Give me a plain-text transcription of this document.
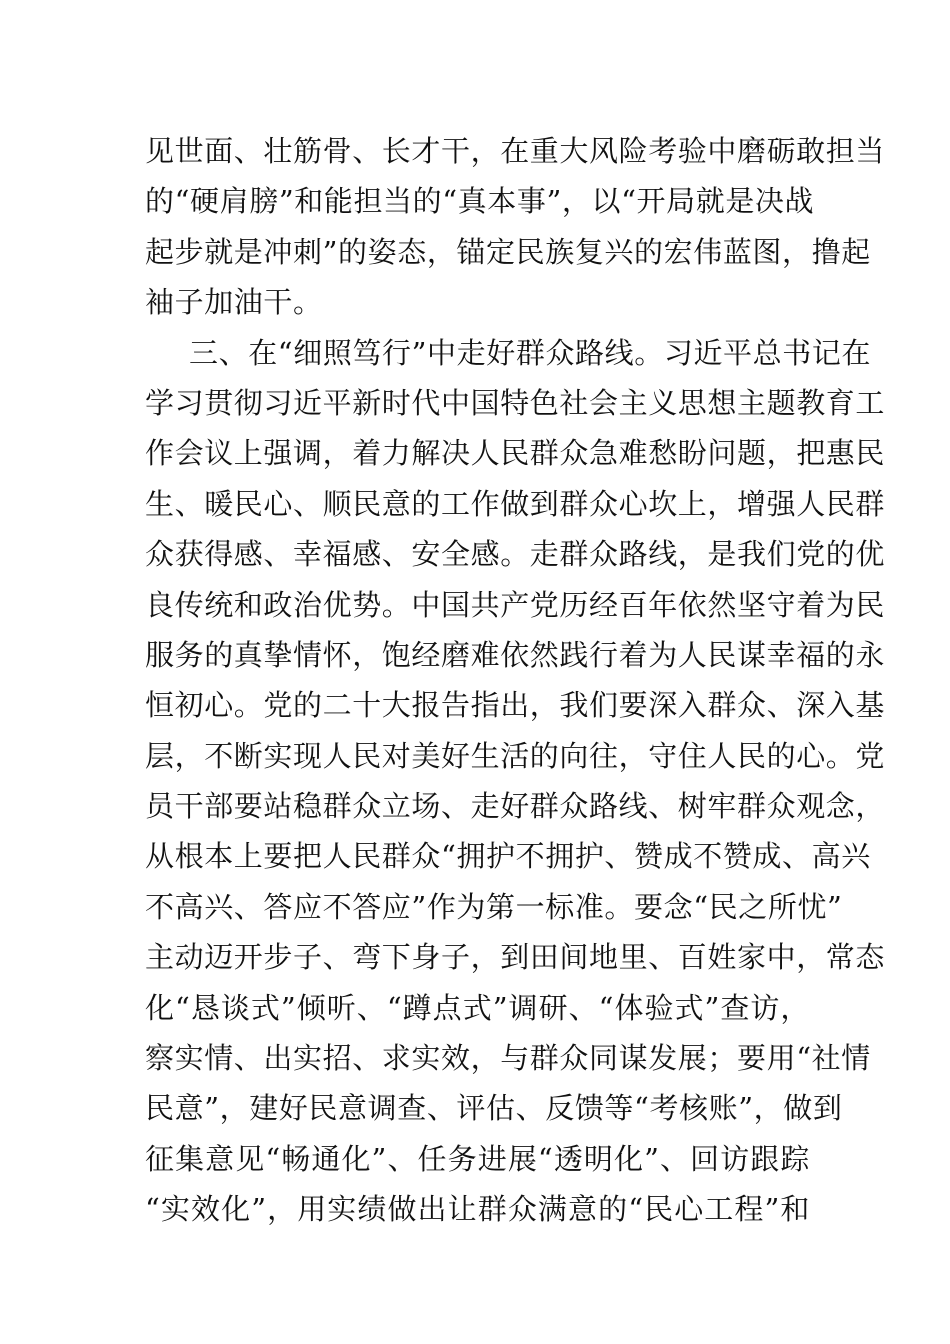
见世面、壮筋骨、长才干，在重大风险考验中磨砺敢担当
的“硬肩膀”和能担当的“真本事”，以“开局就是决战
起步就是冲刺”的姿态，锚定民族复兴的宏伟蓝图，撸起
袖子加油干。
三、在“细照笃行”中走好群众路线。习近平总书记在
学习贯彻习近平新时代中国特色社会主义思想主题教育工
作会议上强调，着力解决人民群众急难愁盼问题，把惠民
生、暖民心、顺民意的工作做到群众心坎上，增强人民群
众获得感、幸福感、安全感。走群众路线，是我们党的优
良传统和政治优势。中国共产党历经百年依然坚守着为民
服务的真挚情怀，饱经磨难依然践行着为人民谋幸福的永
恒初心。党的二十大报告指出，我们要深入群众、深入基
层，不断实现人民对美好生活的向往，守住人民的心。党
员干部要站稳群众立场、走好群众路线、树牢群众观念，
从根本上要把人民群众“拥护不拥护、赞成不赞成、高兴
不高兴、答应不答应”作为第一标准。要念“民之所忧”
主动迈开步子、弯下身子，到田间地里、百姓家中，常态
化“恳谈式”倾听、“蹲点式”调研、“体验式”查访，
察实情、出实招、求实效，与群众同谋发展；要用“社情
民意”，建好民意调查、评估、反馈等“考核账”，做到
征集意见“畅通化”、任务进展“透明化”、回访跟踪
“实效化”，用实绩做出让群众满意的“民心工程”和
